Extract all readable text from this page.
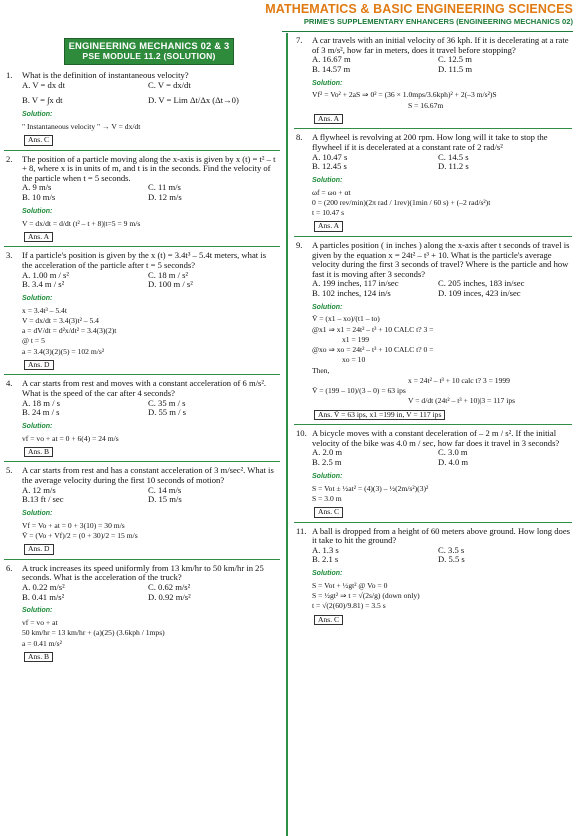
MATHEMATICS & BASIC ENGINEERING SCIENCES
PRIME'S SUPPLEMENTARY ENHANCERS (ENGINEERING MECHANICS 02)
ENGINEERING MECHANICS 02 & 3
PSE MODULE 11.2 (SOLUTION)
1.	What is the definition of instantaneous velocity?
A. V = dx dt	C. V = dx/dt
B. V = ∫x dt	D. V = Lim Δt/Δx (Δt→0)
Solution:
" Instantaneous velocity " → V = dx/dt
Ans. C
2.	The position of a particle moving along the x-axis is given by x (t) = t² – t + 8, where x is in units of m, and t is in the seconds. Find the velocity of the particle when t = 5 seconds.
A. 9 m/s	C. 11 m/s
B. 10 m/s	D. 12 m/s
Solution:
V = dx/dt = d/dt (t² – t + 8)|t=5 = 9 m/s
Ans. A
3.	If a particle's position is given by the x (t) = 3.4t³ – 5.4t meters, what is the acceleration of the particle after t = 5 seconds?
A. 1.00 m / s²	C. 18 m / s²
B. 3.4 m / s²	D. 100 m / s²
Solution:
x = 3.4t³ – 5.4t
V = dx/dt = 3.4(3)t² – 5.4
a = dV/dt = d²x/dt² = 3.4(3)(2)t
@ t = 5
a = 3.4(3)(2)(5) = 102 m/s²
Ans. D
4.	A car starts from rest and moves with a constant acceleration of 6 m/s². What is the speed of the car after 4 seconds?
A. 18 m / s	C. 35 m / s
B. 24 m / s	D. 55 m / s
Solution:
vf = vo + at = 0 + 6(4) = 24 m/s
Ans. B
5.	A car starts from rest and has a constant acceleration of 3 m/sec². What is the average velocity during the first 10 seconds of motion?
A. 12 m/s	C. 14 m/s
B.13 ft / sec	D. 15 m/s
Solution:
Vf = Vo + at = 0 + 3(10) = 30 m/s
V̄ = (Vo + Vf)/2 = (0 + 30)/2 = 15 m/s
Ans. D
6.	A truck increases its speed uniformly from 13 km/hr to 50 km/hr in 25 seconds. What is the acceleration of the truck?
A. 0.22 m/s²	C. 0.62 m/s²
B. 0.41 m/s²	D. 0.92 m/s²
Solution:
vf = vo + at
50 km/hr = 13 km/hr + (a)(25) (3.6kph / 1mps)
a = 0.41 m/s²
Ans. B
7.	A car travels with an initial velocity of 36 kph. If it is decelerating at a rate of 3 m/s², how far in meters, does it travel before stopping?
A. 16.67 m	C. 12.5 m
B. 14.57 m	D. 11.5 m
Solution:
Vf² = Vo² + 2aS ⇒ 0² = (36 × 1.0mps/3.6kph)² + 2(–3 m/s²)S
S = 16.67m
Ans. A
8.	A flywheel is revolving at 200 rpm. How long will it take to stop the flywheel if it is decelerated at a constant rate of 2 rad/s²
A. 10.47 s	C. 14.5 s
B. 12.45 s	D. 11.2 s
Solution:
ωf = ωo + αt
0 = (200 rev/min)(2π rad / 1rev)(1min / 60 s) + (–2 rad/s²)t
t = 10.47 s
Ans. A
9.	A particles position ( in inches ) along the x-axis after t seconds of travel is given by the equation x = 24t² – t³ + 10. What is the particle's average velocity during the first 3 seconds of travel? Where is the particle and how fast it is moving after 3 seconds?
A. 199 inches, 117 in/sec	C. 205 inches, 183 in/sec
B. 102 inches, 124 in/s	D. 109 inces, 423 in/sec
Solution:
V̄ = (x1 – xo)/(t1 – to)
@x1 ⇒ x1 = 24t² – t³ + 10 CALC t? 3 =
x1 = 199
@xo ⇒ xo = 24t² – t³ + 10 CALC t? 0 =
xo = 10
Then,
x = 24t² – t³ + 10 calc t? 3 = 1999
V̄ = (199 – 10)/(3 – 0) = 63 ips
V = d/dt (24t² – t³ + 10)|3 = 117 ips
Ans. V̄ = 63 ips, x1 =199 in, V = 117 ips
10. A bicycle moves with a constant deceleration of – 2 m / s². If the initial velocity of the bike was 4.0 m / sec, how far does it travel in 3 seconds?
A. 2.0 m	C. 3.0 m
B. 2.5 m	D. 4.0 m
Solution:
S = Vot ± ½at² = (4)(3) – ½(2m/s²)(3)²
S = 3.0 m
Ans. C
11. A ball is dropped from a height of 60 meters above ground. How long does it take to hit the ground?
A. 1.3 s	C. 3.5 s
B. 2.1 s	D. 5.5 s
Solution:
S = Vot + ½gt² @ Vo = 0
S = ½gt² ⇒ t = √(2s/g) (down only)
t = √(2(60)/9.81) = 3.5 s
Ans. C
